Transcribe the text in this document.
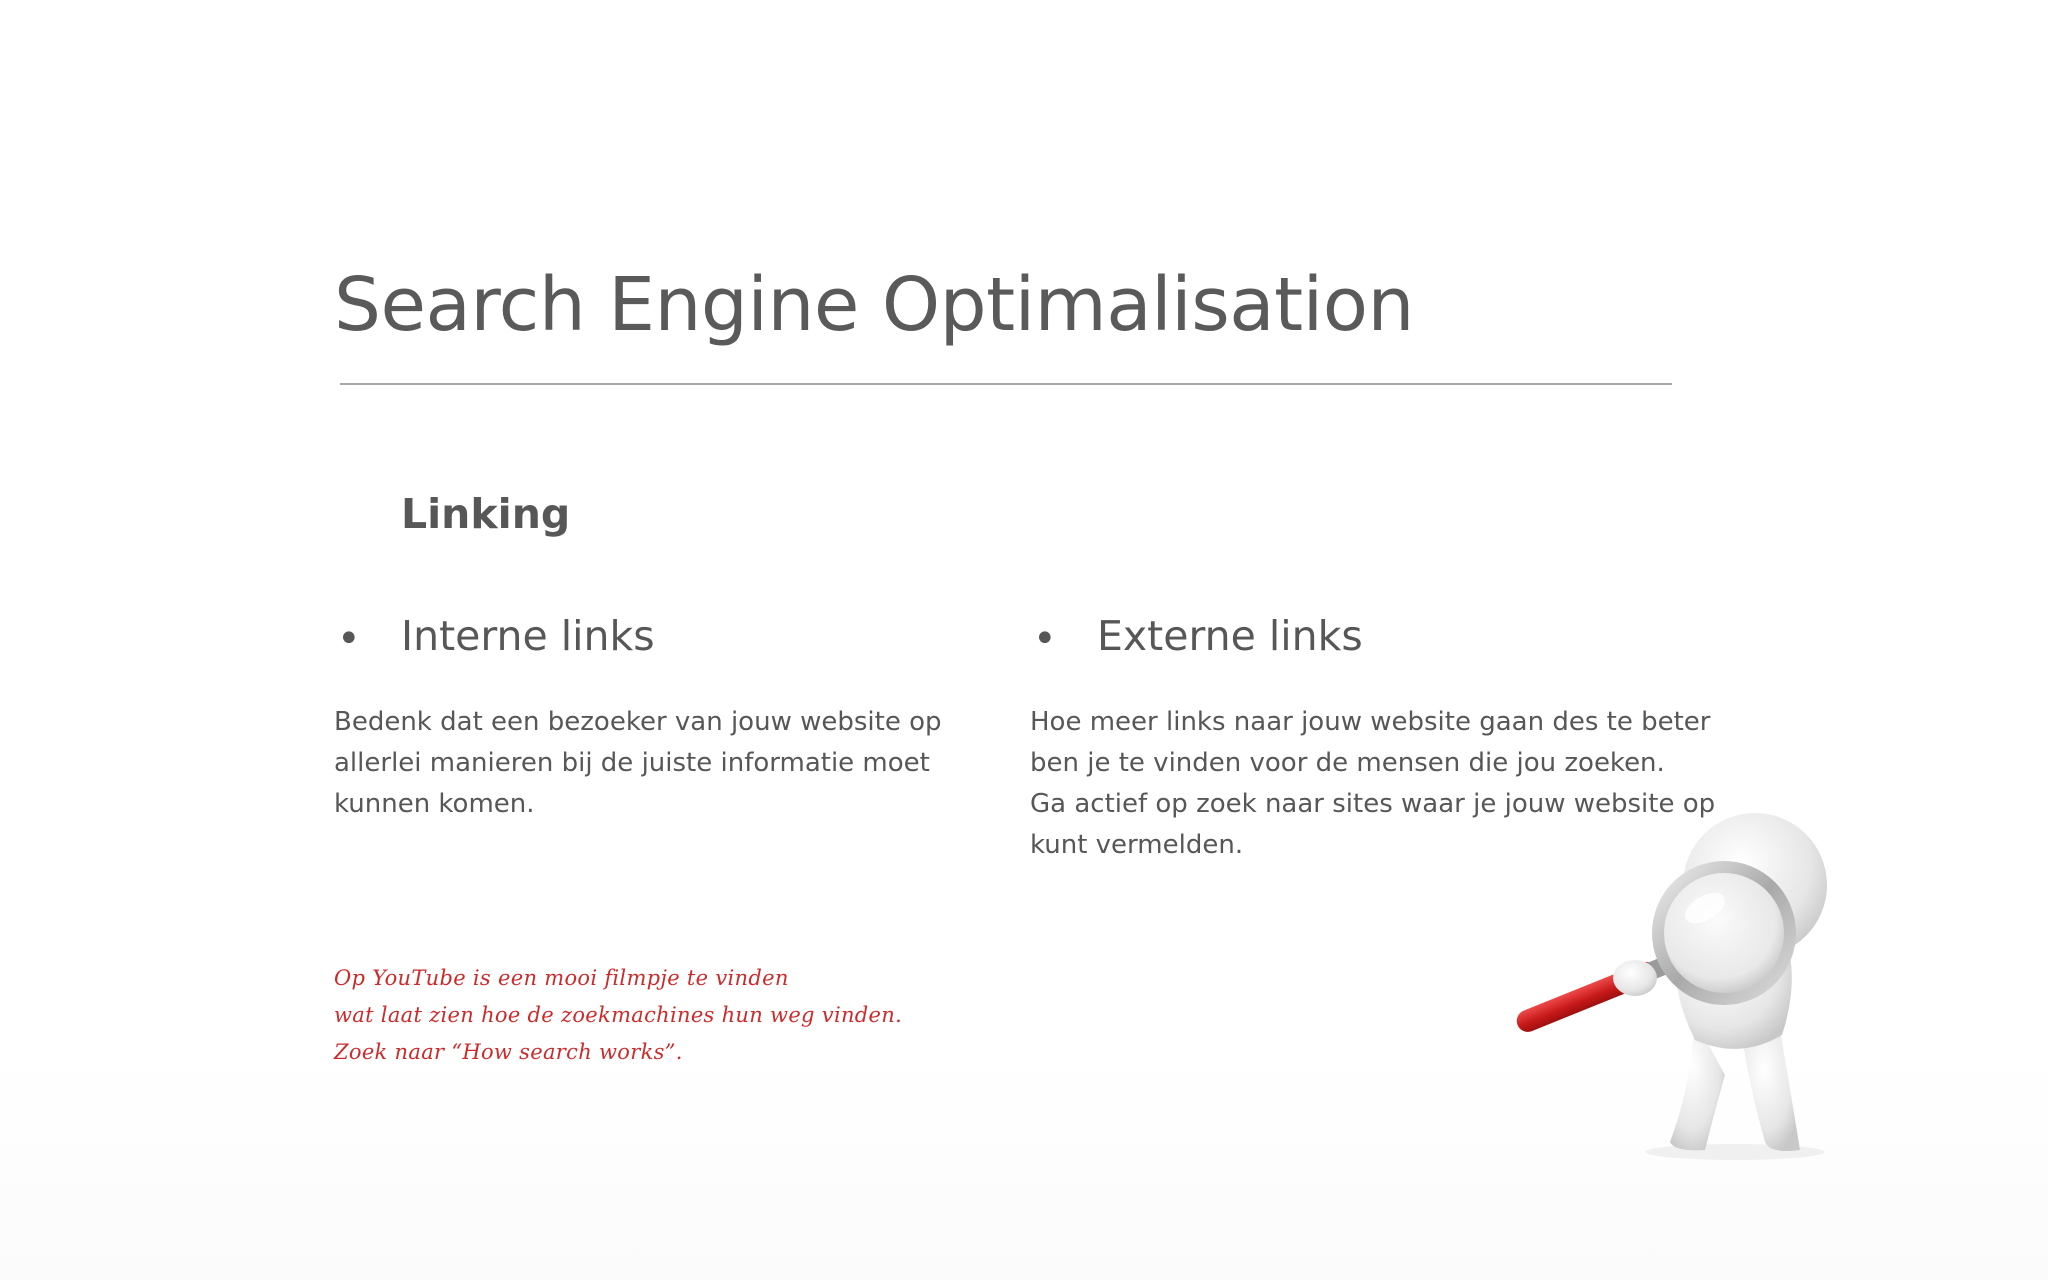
Search Engine Optimalisation
Linking
• Interne links

Bedenk dat een bezoeker van jouw website op
allerlei manieren bij de juiste informatie moet
kunnen komen.

• Externe links

Hoe meer links naar jouw website gaan des te beter
ben je te vinden voor de mensen die jou zoeken.
Ga actief op zoek naar sites waar je jouw website op
kunt vermelden.

Op YouTube is een mooi filmpje te vinden
wat laat zien hoe de zoekmachines hun weg vinden.
Zoek naar “How search works”.
